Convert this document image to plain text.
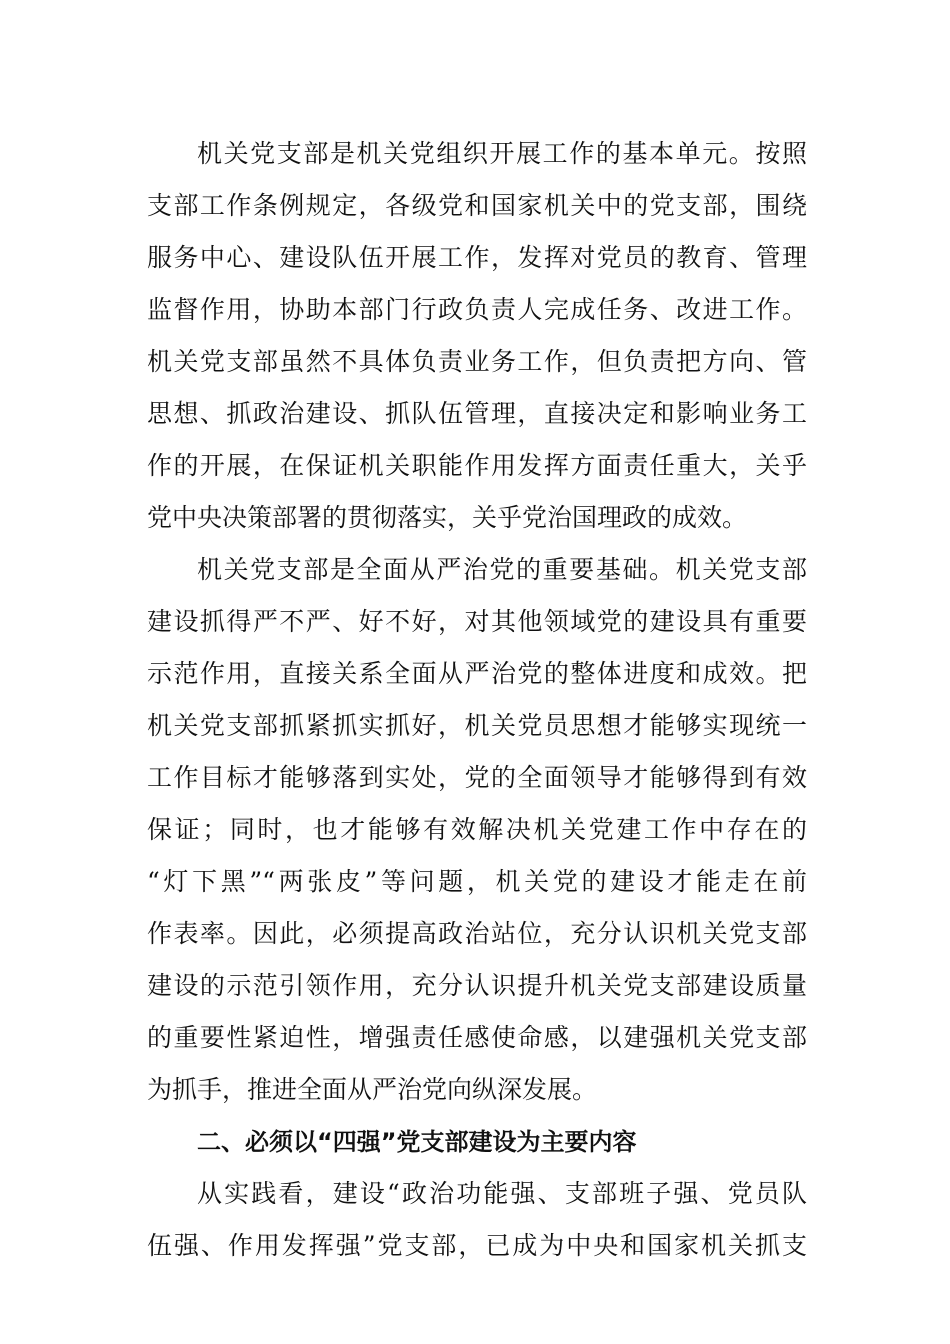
机关党支部是机关党组织开展工作的基本单元。按照
支部工作条例规定，各级党和国家机关中的党支部，围绕
服务中心、建设队伍开展工作，发挥对党员的教育、管理
监督作用，协助本部门行政负责人完成任务、改进工作。
机关党支部虽然不具体负责业务工作，但负责把方向、管
思想、抓政治建设、抓队伍管理，直接决定和影响业务工
作的开展，在保证机关职能作用发挥方面责任重大，关乎
党中央决策部署的贯彻落实，关乎党治国理政的成效。
机关党支部是全面从严治党的重要基础。机关党支部
建设抓得严不严、好不好，对其他领域党的建设具有重要
示范作用，直接关系全面从严治党的整体进度和成效。把
机关党支部抓紧抓实抓好，机关党员思想才能够实现统一
工作目标才能够落到实处，党的全面领导才能够得到有效
保证；同时，也才能够有效解决机关党建工作中存在的
“灯下黑”“两张皮”等问题，机关党的建设才能走在前
作表率。因此，必须提高政治站位，充分认识机关党支部
建设的示范引领作用，充分认识提升机关党支部建设质量
的重要性紧迫性，增强责任感使命感，以建强机关党支部
为抓手，推进全面从严治党向纵深发展。
二、必须以“四强”党支部建设为主要内容
从实践看，建设“政治功能强、支部班子强、党员队
伍强、作用发挥强”党支部，已成为中央和国家机关抓支
